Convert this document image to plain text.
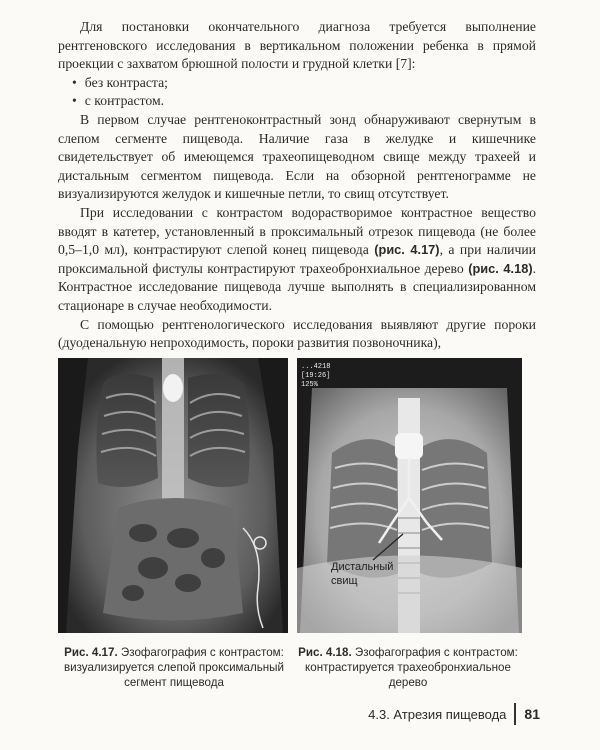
Для постановки окончательного диагноза требуется выполнение рентгеновского исследования в вертикальном положении ребенка в прямой проекции с захватом брюшной полости и грудной клетки [7]:

• без контраста;
• с контрастом.

В первом случае рентгеноконтрастный зонд обнаруживают свернутым в слепом сегменте пищевода. Наличие газа в желудке и кишечнике свидетельствует об имеющемся трахеопищеводном свище между трахеей и дистальным сегментом пищевода. Если на обзорной рентгенограмме не визуализируются желудок и кишечные петли, то свищ отсутствует.

При исследовании с контрастом водорастворимое контрастное вещество вводят в катетер, установленный в проксимальный отрезок пищевода (не более 0,5–1,0 мл), контрастируют слепой конец пищевода (рис. 4.17), а при наличии проксимальной фистулы контрастируют трахеобронхиальное дерево (рис. 4.18). Контрастное исследование пищевода лучше выполнять в специализированном стационаре в случае необходимости.

С помощью рентгенологического исследования выявляют другие пороки (дуоденальную непроходимость, пороки развития позвоночника),

...4218
[19:26]
125%
Дистальный
свищ
Рис. 4.17. Эзофагография с контрастом: визуализируется слепой проксимальный сегмент пищевода
Рис. 4.18. Эзофагография с контрастом: контрастируется трахеобронхиальное дерево
4.3. Атрезия пищевода 81
